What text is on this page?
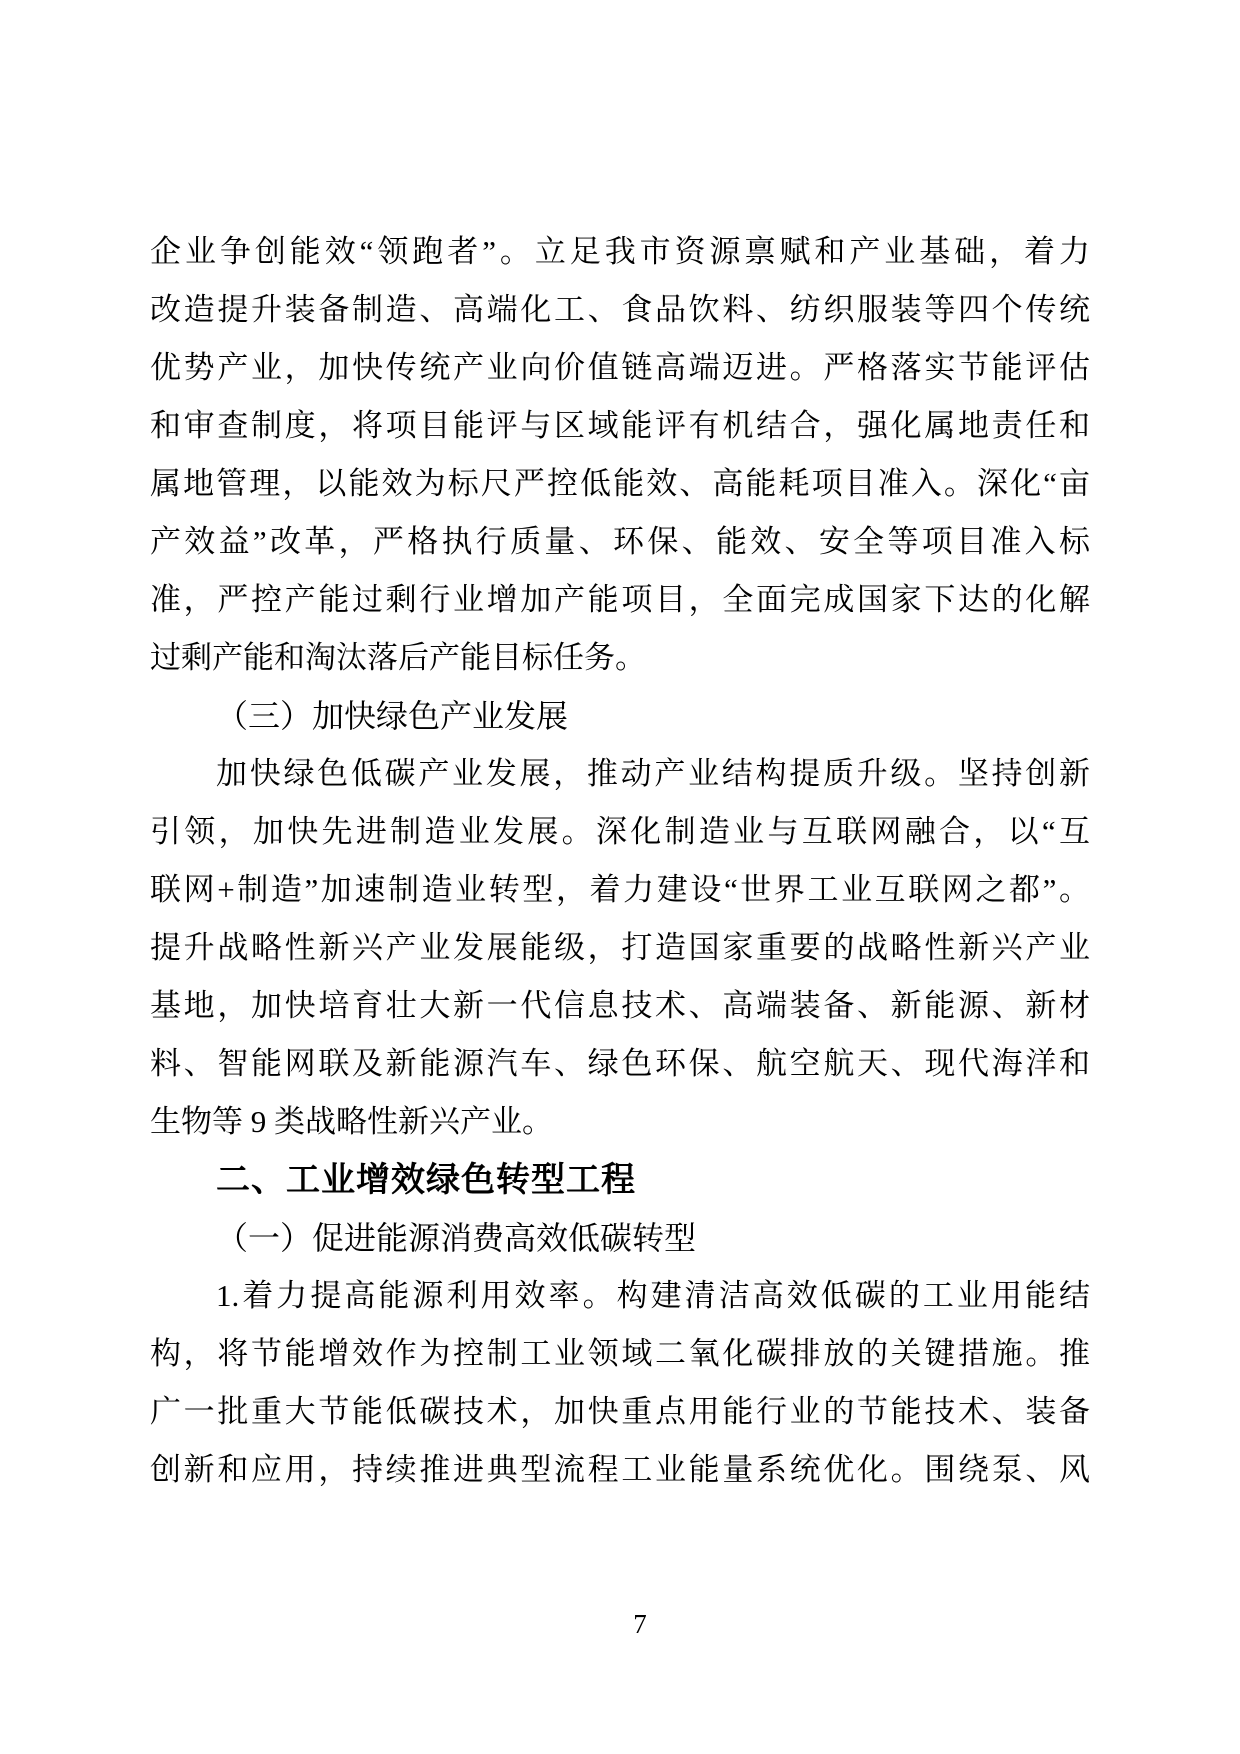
企业争创能效“领跑者”。立足我市资源禀赋和产业基础，着力
改造提升装备制造、高端化工、食品饮料、纺织服装等四个传统
优势产业，加快传统产业向价值链高端迈进。严格落实节能评估
和审查制度，将项目能评与区域能评有机结合，强化属地责任和
属地管理，以能效为标尺严控低能效、高能耗项目准入。深化“亩
产效益”改革，严格执行质量、环保、能效、安全等项目准入标
准，严控产能过剩行业增加产能项目，全面完成国家下达的化解
过剩产能和淘汰落后产能目标任务。
（三）加快绿色产业发展
加快绿色低碳产业发展，推动产业结构提质升级。坚持创新
引领，加快先进制造业发展。深化制造业与互联网融合，以“互
联网+制造”加速制造业转型，着力建设“世界工业互联网之都”。
提升战略性新兴产业发展能级，打造国家重要的战略性新兴产业
基地，加快培育壮大新一代信息技术、高端装备、新能源、新材
料、智能网联及新能源汽车、绿色环保、航空航天、现代海洋和
生物等 9 类战略性新兴产业。
二、工业增效绿色转型工程
（一）促进能源消费高效低碳转型
1.着力提高能源利用效率。构建清洁高效低碳的工业用能结
构，将节能增效作为控制工业领域二氧化碳排放的关键措施。推
广一批重大节能低碳技术，加快重点用能行业的节能技术、装备
创新和应用，持续推进典型流程工业能量系统优化。围绕泵、风
7
